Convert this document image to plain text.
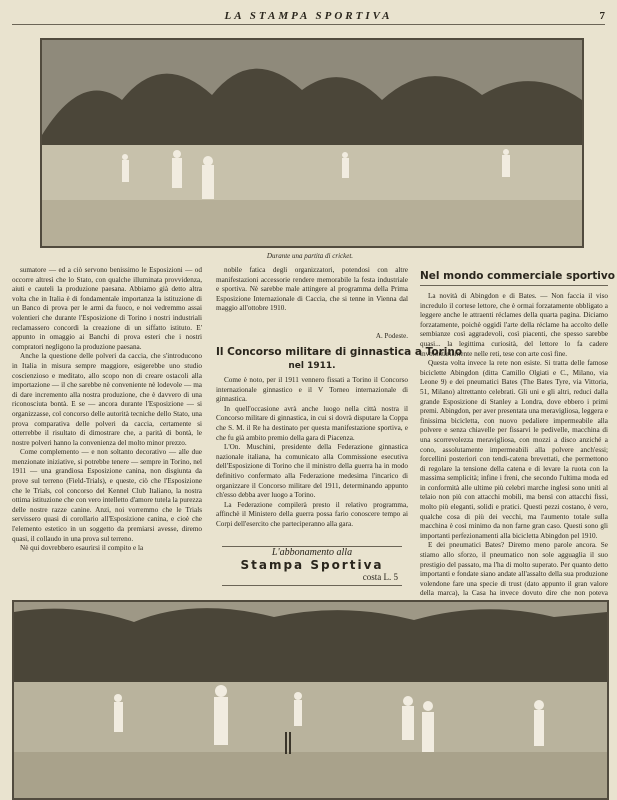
LA STAMPA SPORTIVA	7
Durante una partita di cricket.

sumatore — ed a ciò servono benissimo le Esposizioni — od occorre altresì che lo Stato, con qualche illuminata provvidenza, aiuti e cauteli la produzione paesana. Abbiamo già detto altra volta che in Italia è di fondamentale importanza la istituzione di un Banco di prova per le armi da fuoco, e noi vedremmo assai volentieri che durante l'Esposizione di Torino i nostri industriali reclamassero concordi la creazione di un siffatto istituto. E' appunto in omaggio ai Banchi di prova esteri che i nostri compratori negligono la produzione paesana.

Anche la questione delle polveri da caccia, che s'introducono in Italia in misura sempre maggiore, esigerebbe uno studio coscienzioso e meditato, allo scopo non di creare ostacoli alla importazione — il che sarebbe nè conveniente nè lodevole — ma di dare incremento alla nostra produzione, che è davvero di una riconosciuta bontà. E se — ancora durante l'Esposizione — si organizzasse, col concorso delle autorità tecniche dello Stato, una prova comparativa delle polveri da caccia, certamente si otterrebbe il risultato di dimostrare che, a parità di bontà, le nostre polveri hanno la convenienza del molto minor prezzo.

Come complemento — e non soltanto decorativo — alle due menzionate iniziative, si potrebbe tenere — sempre in Torino, nel 1911 — una grandiosa Esposizione canina, non disgiunta da prove sul terreno (Field-Trials), e queste, ciò che l'Esposizione che le Trials, col concorso del Kennel Club Italiano, la nostra ottima istituzione che con vero intelletto d'amore tutela la purezza delle nostre razze canine. Anzi, noi vorremmo che le Trials servissero quasi di corollario all'Esposizione canina, e cioè che l'elemento estetico in un soggetto da premiarsi avesse, diremo quasi, il collaudo in una prova sul terreno.

Nè qui dovrebbero esaurirsi il compito e la

nobile fatica degli organizzatori, potendosi con altre manifestazioni accessorie rendere memorabile la festa industriale e sportiva. Nè sarebbe male attingere al programma della Prima Esposizione Internazionale di Caccia, che si tenne in Vienna dal maggio all'ottobre 1910.

A. Podeste.
Il Concorso militare di ginnastica a Torino
nel 1911.

Come è noto, per il 1911 vennero fissati a Torino il Concorso internazionale ginnastico e il V Torneo internazionale di ginnastica.

In quell'occasione avrà anche luogo nella città nostra il Concorso militare di ginnastica, in cui si dovrà disputare la Coppa che S. M. il Re ha destinato per questa manifestazione sportiva, e che fu già ambito premio della gara di Piacenza.

L'On. Muschini, presidente della Federazione ginnastica nazionale italiana, ha comunicato alla Commissione esecutiva dell'Esposizione di Torino che il ministro della guerra ha in modo definitivo confermato alla Federazione medesima l'incarico di organizzare il Concorso militare del 1911, determinando appunto ch'esso debba aver luogo a Torino.

La Federazione compilerà presto il relativo programma, affinchè il Ministero della guerra possa fario conoscere tempo ai Corpi dell'esercito che parteciperanno alla gara.

L'abbonamento alla
Stampa Sportiva
costa L. 5
Nel mondo commerciale sportivo

La novità di Abingdon e di Bates. — Non faccia il viso incredulo il cortese lettore, che è ormai forzatamente obbligato a leggere anche le attraenti réclames della quarta pagina. Diciamo forzatamente, poichè oggidì l'arte della réclame ha accolto delle sembianze così aggradevoli, così piacenti, che spesso sarebbe quasi... la legittima curiosità, del lettore lo fa cadere involontariamente nelle reti, tese con arte così fine.

Questa volta invece la rete non esiste. Si tratta delle famose biciclette Abingdon (ditta Camillo Olgiati e C., Milano, via Leone 9) e dei pneumatici Bates (The Bates Tyre, via Vittoria, 51, Milano) altrettanto celebrati. Gli uni e gli altri, reduci dalla grande Esposizione di Stanley a Londra, dove ebbero i primi premi. Abingdon, per aver presentata una meravigliosa, leggera e finissima bicicletta, con nuovo pedaliere impermeabile alla polvere e senza chiavelle per fissarvi le pedivelle, macchina di una scorrevolezza meravigliosa, con mozzi a disco anziché a cono, assolutamente impermeabili alla polvere anch'essi; forcellini posteriori con tendi-catena brevettati, che permettono di regolare la tensione della catena e di levare la ruota con la massima semplicità; infine i freni, che secondo l'ultima moda ed in conformità alle ultime più celebri marche inglesi sono uniti al telaio non più con attacchi mobili, ma bensì con attacchi fissi, molto più eleganti, solidi e pratici. Questi pezzi costano, è vero, qualche cosa di più dei vecchi, ma l'aumento totale sulla macchina è così minimo da non farne gran caso. Questi sono gli importanti perfezionamenti alla bicicletta Abingdon pel 1910.

E dei pneumatici Bates? Diremo meno parole ancora. Se stiamo allo sforzo, il pneumatico non sole agguaglia il suo prestigio del passato, ma l'ha di molto superato. Per quanto detto importanti e fondate siano andate all'assalto della sua produzione volendone fare una specie di trust (dato appunto il gran valore della marca), la Casa ha invece dovuto dire che non poteva
